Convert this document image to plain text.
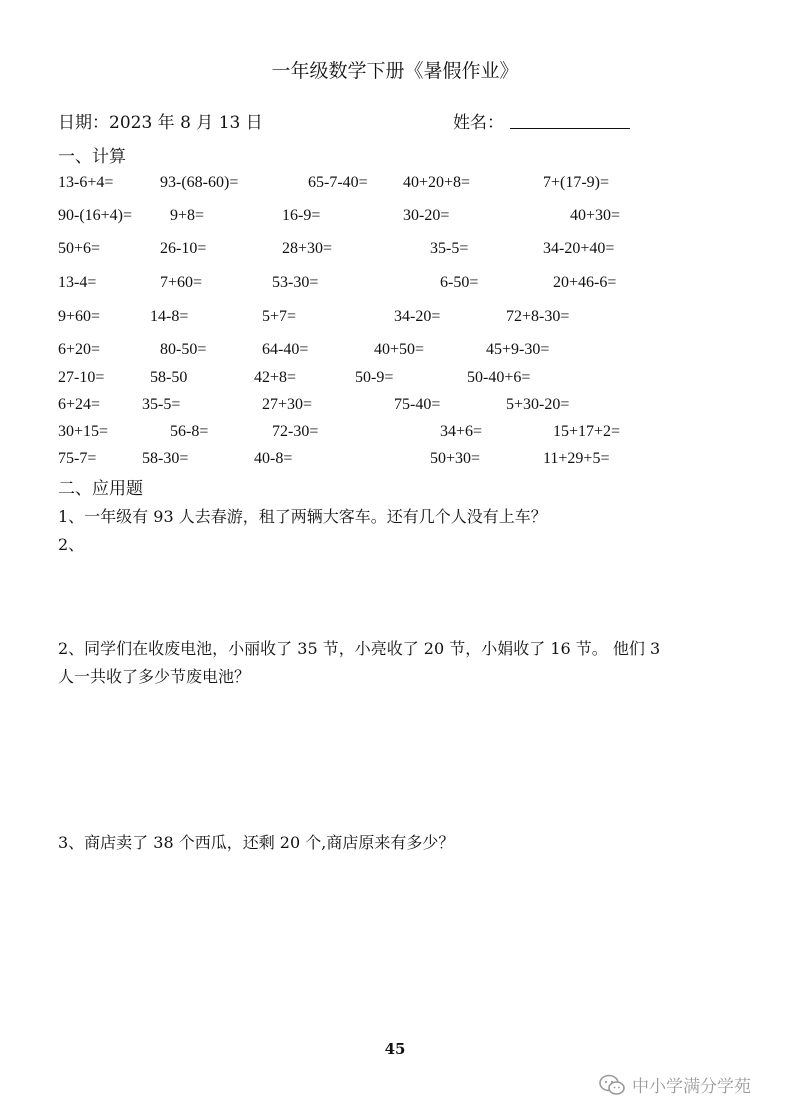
一年级数学下册《暑假作业》
日期：2023 年 8 月 13 日	姓名：
一、计算
13-6+4=	93-(68-60)=	65-7-40= 40+20+8=	7+(17-9)=
90-(16+4)= 9+8=	16-9=	30-20=	40+30=
50+6=	26-10=	28+30=	35-5=	34-20+40=
13-4=	7+60=	53-30=	6-50=	20+46-6=
9+60=	14-8=	5+7=	34-20=	72+8-30=
6+20=	80-50=	64-40=	40+50=	45+9-30=
27-10=	58-50	42+8=	50-9=	50-40+6=
6+24=	35-5=	27+30=	75-40=	5+30-20=
30+15=	56-8=	72-30=	34+6=	15+17+2=
75-7=	58-30=	40-8=	50+30=	11+29+5=
二、应用题
1、一年级有 93 人去春游，租了两辆大客车。还有几个人没有上车？
2、
2、同学们在收废电池，小丽收了 35 节，小亮收了 20 节，小娟收了 16 节。 他们 3
人一共收了多少节废电池？
3、商店卖了 38 个西瓜，还剩 20 个,商店原来有多少？
45
中小学满分学苑
